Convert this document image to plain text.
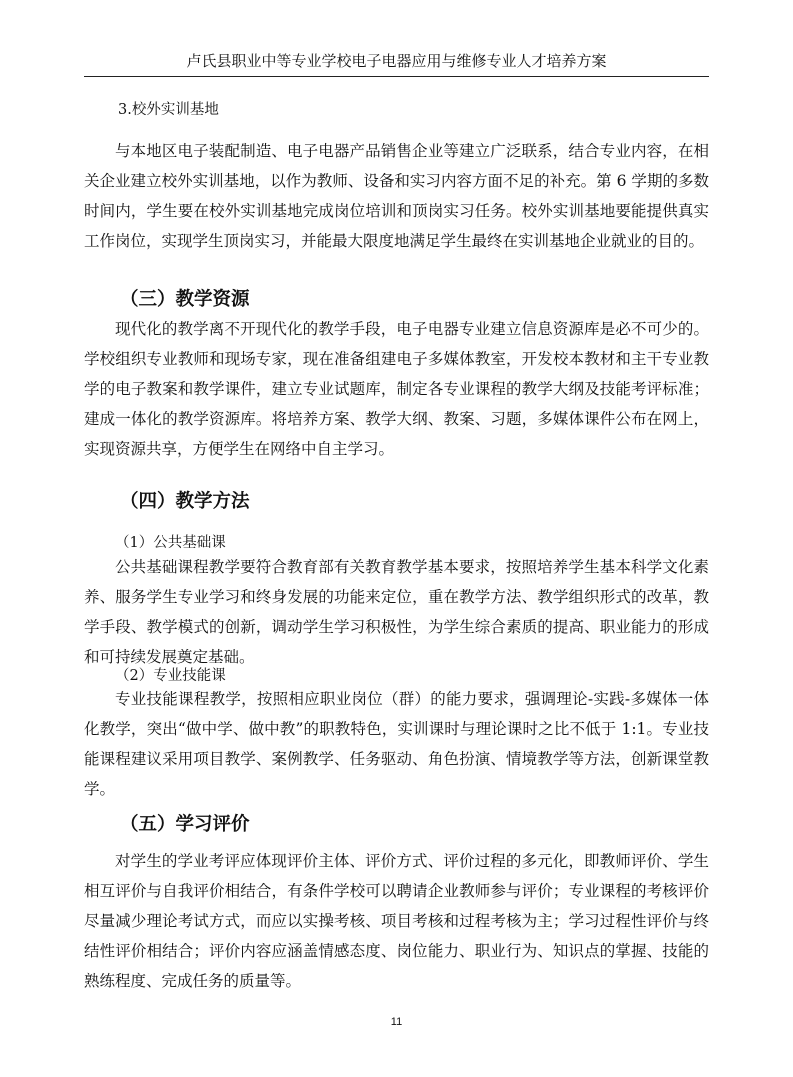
卢氏县职业中等专业学校电子电器应用与维修专业人才培养方案
3.校外实训基地

与本地区电子装配制造、电子电器产品销售企业等建立广泛联系，结合专业内容，在相关企业建立校外实训基地，以作为教师、设备和实习内容方面不足的补充。第 6 学期的多数时间内，学生要在校外实训基地完成岗位培训和顶岗实习任务。校外实训基地要能提供真实工作岗位，实现学生顶岗实习，并能最大限度地满足学生最终在实训基地企业就业的目的。

（三）教学资源

现代化的教学离不开现代化的教学手段，电子电器专业建立信息资源库是必不可少的。学校组织专业教师和现场专家，现在准备组建电子多媒体教室，开发校本教材和主干专业教学的电子教案和教学课件，建立专业试题库，制定各专业课程的教学大纲及技能考评标准；建成一体化的教学资源库。将培养方案、教学大纲、教案、习题，多媒体课件公布在网上，实现资源共享，方便学生在网络中自主学习。

（四）教学方法
（1）公共基础课

公共基础课程教学要符合教育部有关教育教学基本要求，按照培养学生基本科学文化素养、服务学生专业学习和终身发展的功能来定位，重在教学方法、教学组织形式的改革，教学手段、教学模式的创新，调动学生学习积极性，为学生综合素质的提高、职业能力的形成和可持续发展奠定基础。

（2）专业技能课

专业技能课程教学，按照相应职业岗位（群）的能力要求，强调理论-实践-多媒体一体化教学，突出“做中学、做中教”的职教特色，实训课时与理论课时之比不低于 1:1。专业技能课程建议采用项目教学、案例教学、任务驱动、角色扮演、情境教学等方法，创新课堂教学。

（五）学习评价

对学生的学业考评应体现评价主体、评价方式、评价过程的多元化，即教师评价、学生相互评价与自我评价相结合，有条件学校可以聘请企业教师参与评价；专业课程的考核评价尽量减少理论考试方式，而应以实操考核、项目考核和过程考核为主；学习过程性评价与终结性评价相结合；评价内容应涵盖情感态度、岗位能力、职业行为、知识点的掌握、技能的熟练程度、完成任务的质量等。

11
